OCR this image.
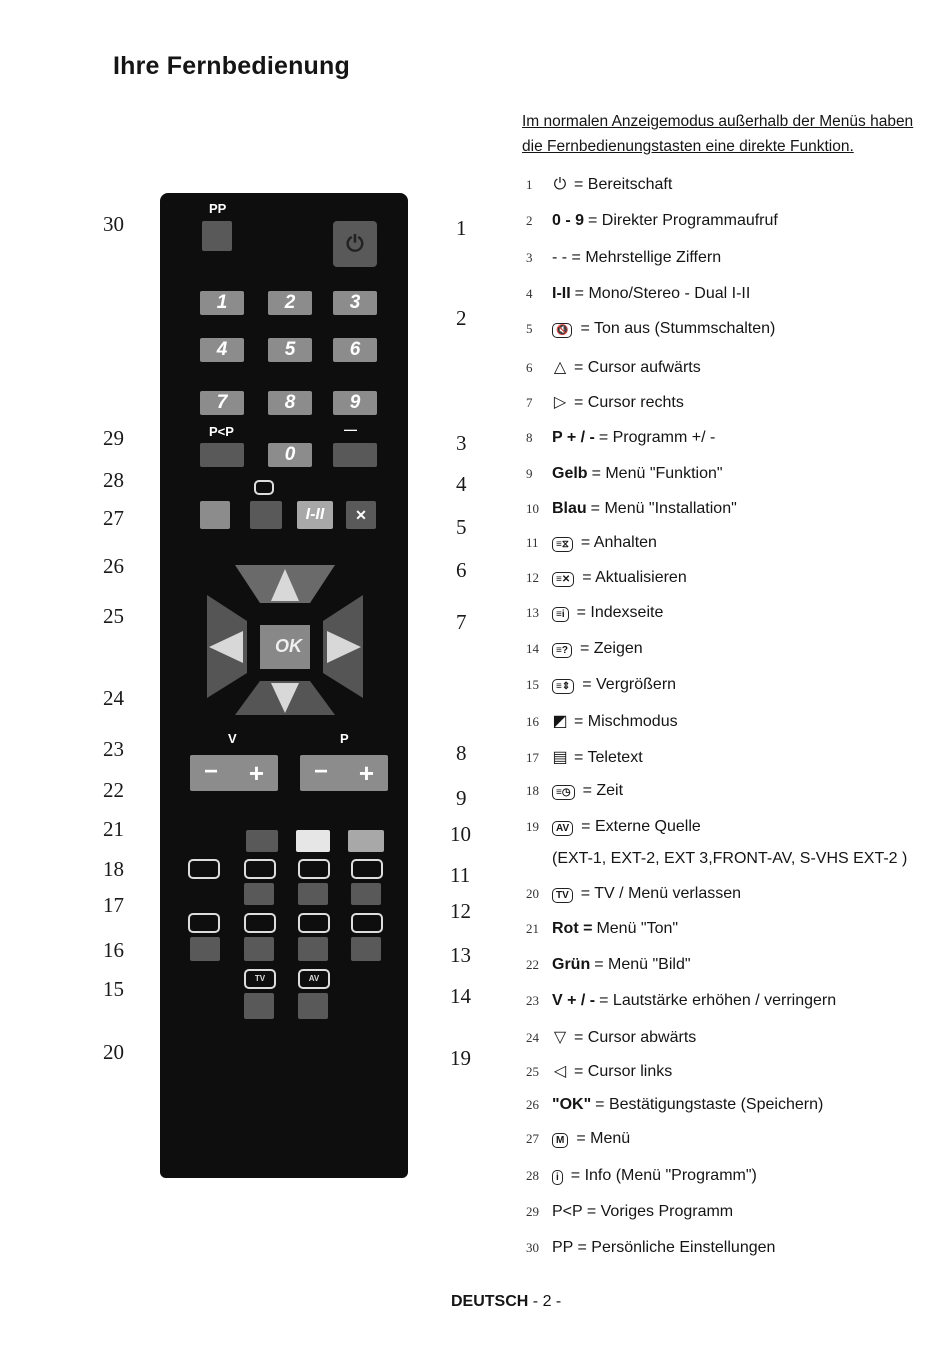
Ihre Fernbedienung
Im normalen Anzeigemodus außerhalb der Menüs haben
die Fernbedienungstasten eine direkte Funktion.
1	⏻ = Bereitschaft
2	0 - 9 = Direkter Programmaufruf
3	- - = Mehrstellige Ziffern
4	I-II = Mono/Stereo - Dual I-II
5	🔇 = Ton aus (Stummschalten)
6	△ = Cursor aufwärts
7	▷ = Cursor rechts
8	P + / - = Programm +/ -
9	Gelb = Menü "Funktion"
10 Blau = Menü "Installation"
11	≡⧖ = Anhalten
12	≡✕ = Aktualisieren
13	≡i = Indexseite
14	≡? = Zeigen
15	≡⇕ = Vergrößern
16 ◩ = Mischmodus
17 ▤ = Teletext
18	≡◷ = Zeit
19	AV = Externe Quelle
20	TV = TV / Menü verlassen
21 Rot = Menü "Ton"
22 Grün = Menü "Bild"
23 V + / - = Lautstärke erhöhen / verringern
24 ▽ = Cursor abwärts
25 ◁ = Cursor links
26 "OK" = Bestätigungstaste (Speichern)
27	M = Menü
28	i = Info (Menü "Programm")
29 P<P = Voriges Programm
30 PP = Persönliche Einstellungen
(EXT-1, EXT-2, EXT 3,FRONT-AV, S-VHS EXT-2 )
PP
⏻
1	2	3
4	5	6
7	8	9
P<P	—
0
I-II	✕
OK
V	P
− + − +
TV	AV
30
29
28
27
26
25
24
23
22
21
18
17
16
15
20
1
2
3
4
5
6
7
8
9
10
11
12
13
14
19
DEUTSCH - 2 -
